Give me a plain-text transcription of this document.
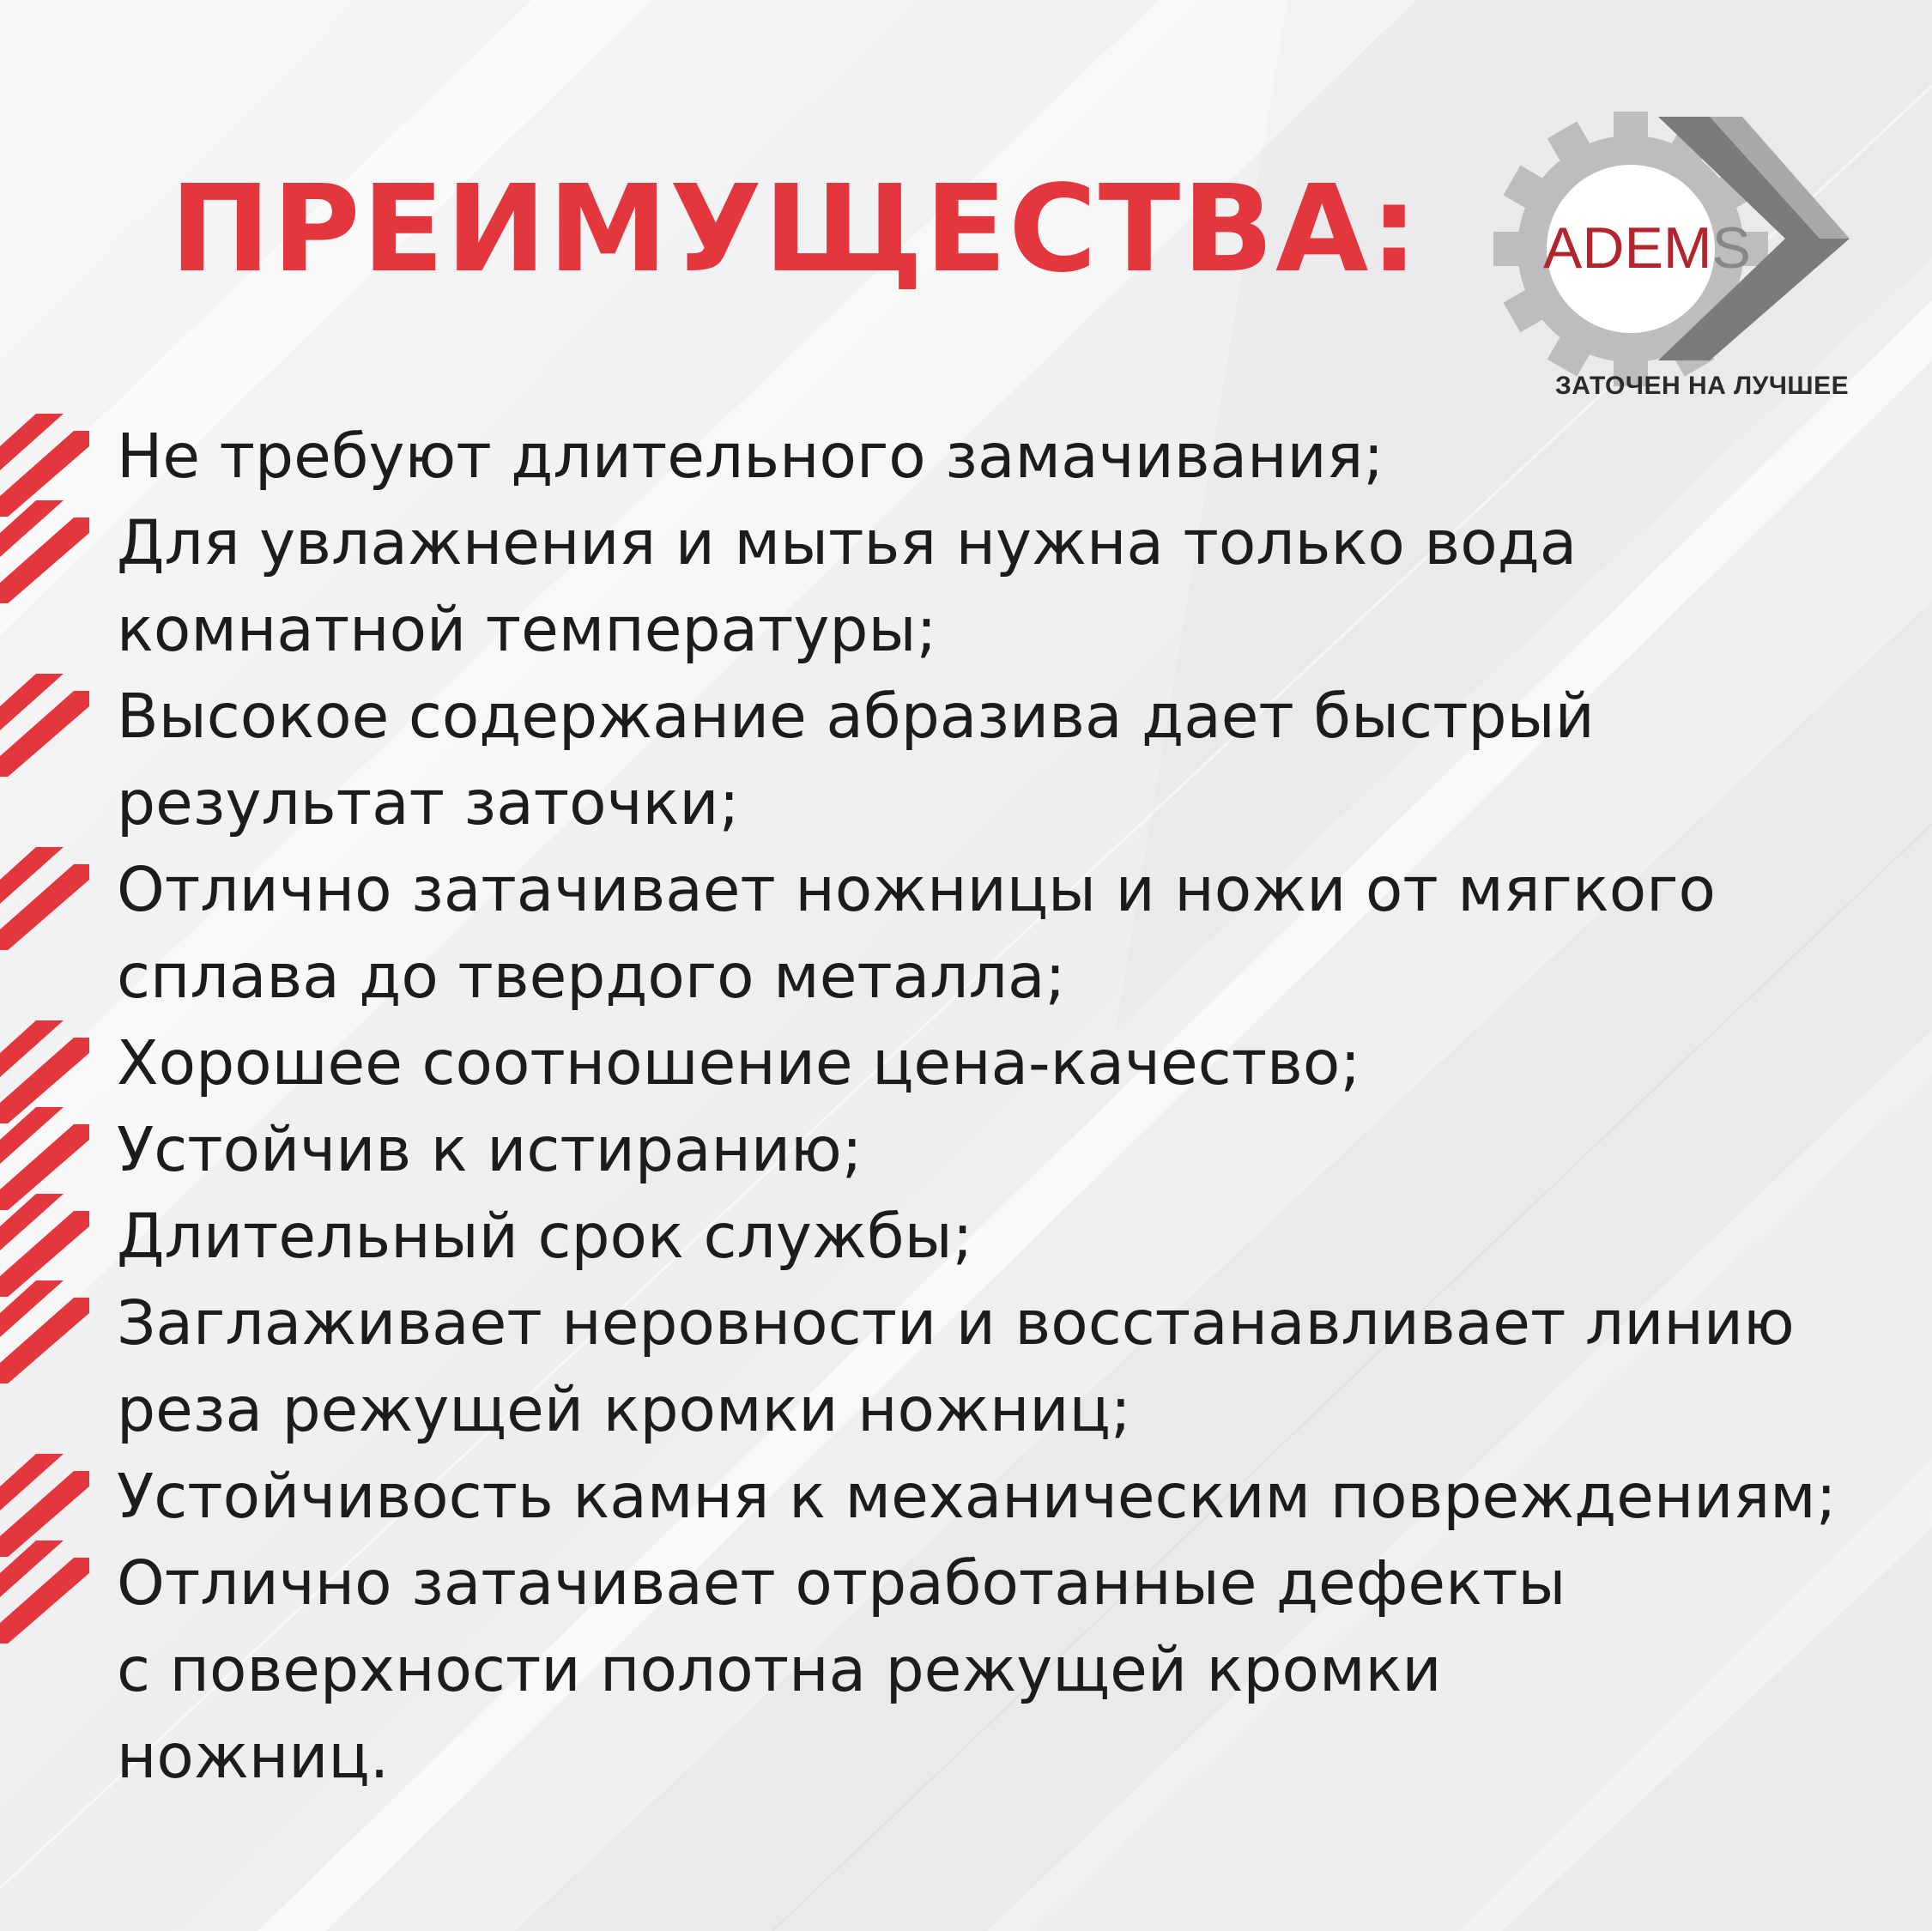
ПРЕИМУЩЕСТВА: ADEMS
ЗАТОЧЕН НА ЛУЧШЕЕ
Не требуют длительного замачивания;
Для увлажнения и мытья нужна только вода
комнатной температуры;
Высокое содержание абразива дает быстрый
результат заточки;
Отлично затачивает ножницы и ножи от мягкого
сплава до твердого металла;
Хорошее соотношение цена-качество;
Устойчив к истиранию;
Длительный срок службы;
Заглаживает неровности и восстанавливает линию
реза режущей кромки ножниц;
Устойчивость камня к механическим повреждениям;
Отлично затачивает отработанные дефекты
с поверхности полотна режущей кромки
ножниц.
